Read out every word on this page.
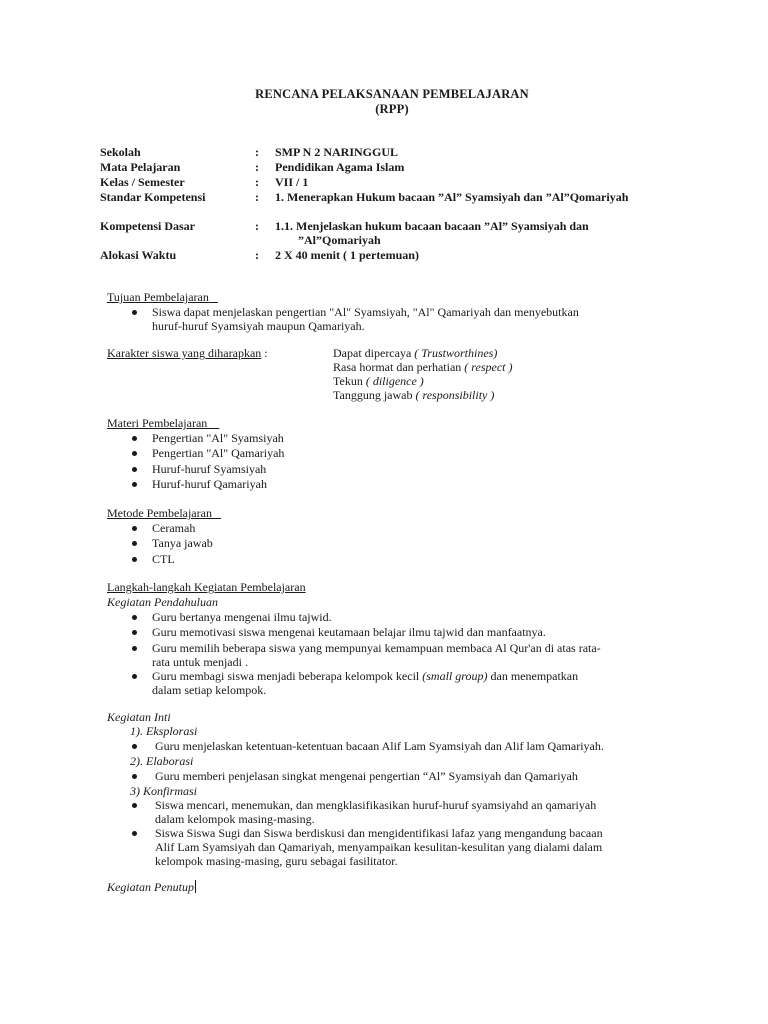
RENCANA PELAKSANAAN PEMBELAJARAN
(RPP)
Sekolah	: SMP N 2 NARINGGUL
Mata Pelajaran	: Pendidikan Agama Islam
Kelas / Semester	: VII / 1
Standar Kompetensi	: 1. Menerapkan Hukum bacaan ”Al” Syamsiyah dan ”Al”Qomariyah
Kompetensi Dasar	: 1.1. Menjelaskan hukum bacaan bacaan ”Al” Syamsiyah dan
”Al”Qomariyah
Alokasi Waktu	: 2 X 40 menit ( 1 pertemuan)
Tujuan Pembelajaran
Siswa dapat menjelaskan pengertian "Al" Syamsiyah, "Al" Qamariyah dan menyebutkan
huruf-huruf Syamsiyah maupun Qamariyah.
Karakter siswa yang diharapkan :	Dapat dipercaya ( Trustworthines)
Rasa hormat dan perhatian ( respect )
Tekun ( diligence )
Tanggung jawab ( responsibility )
Materi Pembelajaran
Pengertian "Al" Syamsiyah
Pengertian "Al" Qamariyah
Huruf-huruf Syamsiyah
Huruf-huruf Qamariyah
Metode Pembelajaran
Ceramah
Tanya jawab
CTL
Langkah-langkah Kegiatan Pembelajaran
Kegiatan Pendahuluan
Guru bertanya mengenai ilmu tajwid.
Guru memotivasi siswa mengenai keutamaan belajar ilmu tajwid dan manfaatnya.
Guru memilih beberapa siswa yang mempunyai kemampuan membaca Al Qur'an di atas rata-
rata untuk menjadi .
Guru membagi siswa menjadi beberapa kelompok kecil (small group) dan menempatkan
dalam setiap kelompok.
Kegiatan Inti
1). Eksplorasi
Guru menjelaskan ketentuan-ketentuan bacaan Alif Lam Syamsiyah dan Alif lam Qamariyah.
2). Elaborasi
Guru memberi penjelasan singkat mengenai pengertian “Al” Syamsiyah dan Qamariyah
3) Konfirmasi
Siswa mencari, menemukan, dan mengklasifikasikan huruf-huruf syamsiyahd an qamariyah
dalam kelompok masing-masing.
Siswa Siswa Sugi dan Siswa berdiskusi dan mengidentifikasi lafaz yang mengandung bacaan
Alif Lam Syamsiyah dan Qamariyah, menyampaikan kesulitan-kesulitan yang dialami dalam
kelompok masing-masing, guru sebagai fasilitator.
Kegiatan Penutup
